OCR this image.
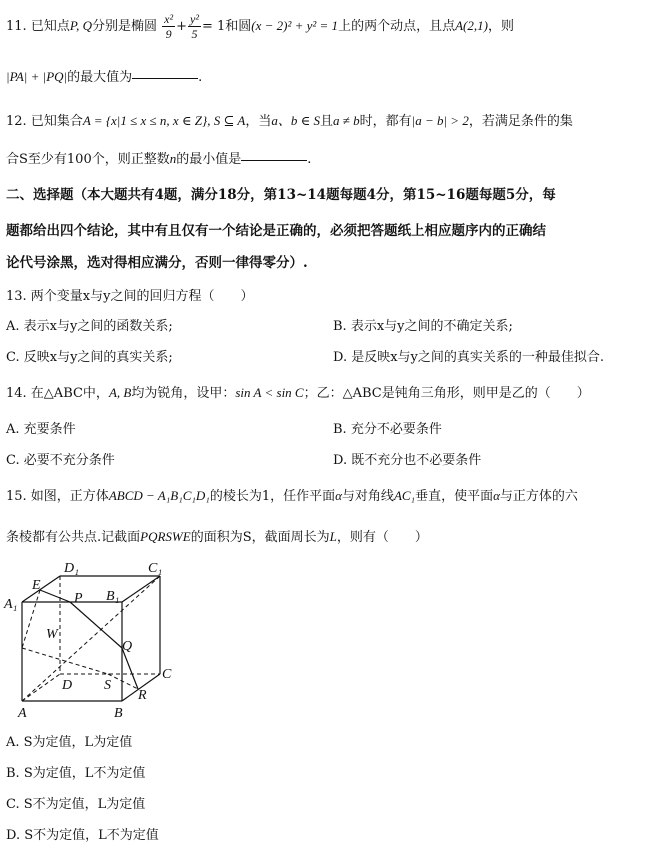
11. 已知点P, Q分别是椭圆 $\frac{\text{x²}}{9} + \frac{\text{y²}}{5} = 1$和圆(x − 2)² + y² = 1上的两个动点，且点A(2,1)，则
|PA| + |PQ|的最大值为	.
12. 已知集合A = {x|1 ≤ x ≤ n, x ∈ Z}, S ⊆ A，当a、b ∈ S且a ≠ b时，都有|a − b| > 2，若满足条件的集
合S至少有100个，则正整数n的最小值是	.
二、选择题（本大题共有4题，满分18分，第13~14题每题4分，第15~16题每题5分，每
题都给出四个结论，其中有且仅有一个结论是正确的，必须把答题纸上相应题序内的正确结
论代号涂黑，选对得相应满分，否则一律得零分）.
13. 两个变量x与y之间的回归方程（　　）
A. 表示x与y之间的函数关系;	B. 表示x与y之间的不确定关系;
C. 反映x与y之间的真实关系;	D. 是反映x与y之间的真实关系的一种最佳拟合.
14. 在△ABC中，A, B均为锐角，设甲：sin A < sin C；乙：△ABC是钝角三角形，则甲是乙的（　　）
A. 充要条件	B. 充分不必要条件
C. 必要不充分条件	D. 既不充分也不必要条件
15. 如图，正方体ABCD − A₁B₁C₁D₁的棱长为1，任作平面α与对角线AC₁垂直，使平面α与正方体的六
条棱都有公共点.记截面PQRSWE的面积为S，截面周长为L，则有（　　）
A₁
B₁
C₁
D₁
A	B
C
D
E
P
Q
R
S
W
A. S为定值，L为定值
B. S为定值，L不为定值
C. S不为定值，L为定值
D. S不为定值，L不为定值
